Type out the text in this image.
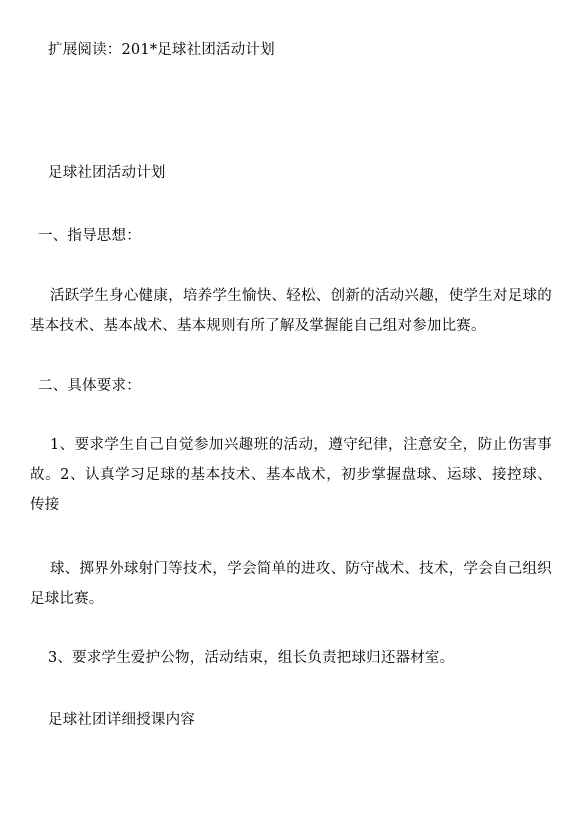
扩展阅读：201*足球社团活动计划
足球社团活动计划
一、指导思想：
活跃学生身心健康，培养学生愉快、轻松、创新的活动兴趣，使学生对足球的基本技术、基本战术、基本规则有所了解及掌握能自己组对参加比赛。
二、具体要求：
1、要求学生自己自觉参加兴趣班的活动，遵守纪律，注意安全，防止伤害事故。2、认真学习足球的基本技术、基本战术，初步掌握盘球、运球、接控球、传接
球、掷界外球射门等技术，学会简单的进攻、防守战术、技术，学会自己组织足球比赛。
3、要求学生爱护公物，活动结束，组长负责把球归还器材室。
足球社团详细授课内容
